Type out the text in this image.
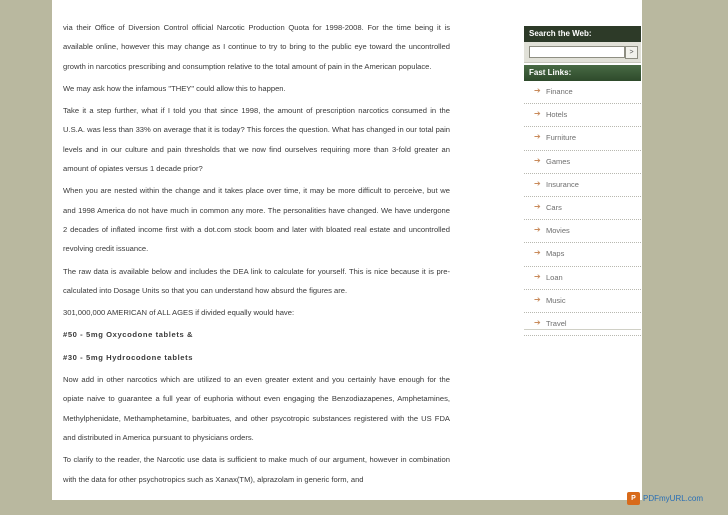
via their Office of Diversion Control official Narcotic Production Quota for 1998-2008. For the time being it is available online, however this may change as I continue to try to bring to the public eye toward the uncontrolled growth in narcotics prescribing and consumption relative to the total amount of pain in the American populace.

We may ask how the infamous "THEY" could allow this to happen.

Take it a step further, what if I told you that since 1998, the amount of prescription narcotics consumed in the U.S.A. was less than 33% on average that it is today? This forces the question. What has changed in our total pain levels and in our culture and pain thresholds that we now find ourselves requiring more than 3-fold greater an amount of opiates versus 1 decade prior?

When you are nested within the change and it takes place over time, it may be more difficult to perceive, but we and 1998 America do not have much in common any more. The personalities have changed. We have undergone 2 decades of inflated income first with a dot.com stock boom and later with bloated real estate and uncontrolled revolving credit issuance.

The raw data is available below and includes the DEA link to calculate for yourself. This is nice because it is pre-calculated into Dosage Units so that you can understand how absurd the figures are.

301,000,000 AMERICAN of ALL AGES if divided equally would have:

#50 - 5mg Oxycodone tablets &

#30 - 5mg Hydrocodone tablets

Now add in other narcotics which are utilized to an even greater extent and you certainly have enough for the opiate naive to guarantee a full year of euphoria without even engaging the Benzodiazapenes, Amphetamines, Methylphenidate, Methamphetamine, barbituates, and other psycotropic substances registered with the US FDA and distributed in America pursuant to physicians orders.

To clarify to the reader, the Narcotic use data is sufficient to make much of our argument, however in combination with the data for other psychotropics such as Xanax(TM), alprazolam in generic form, and

Search the Web:
>
Fast Links:
➔ Finance
➔ Hotels
➔ Furniture
➔ Games
➔ Insurance
➔ Cars
➔ Movies
➔ Maps
➔ Loan
➔ Music
➔ Travel
P PDFmyURL.com
